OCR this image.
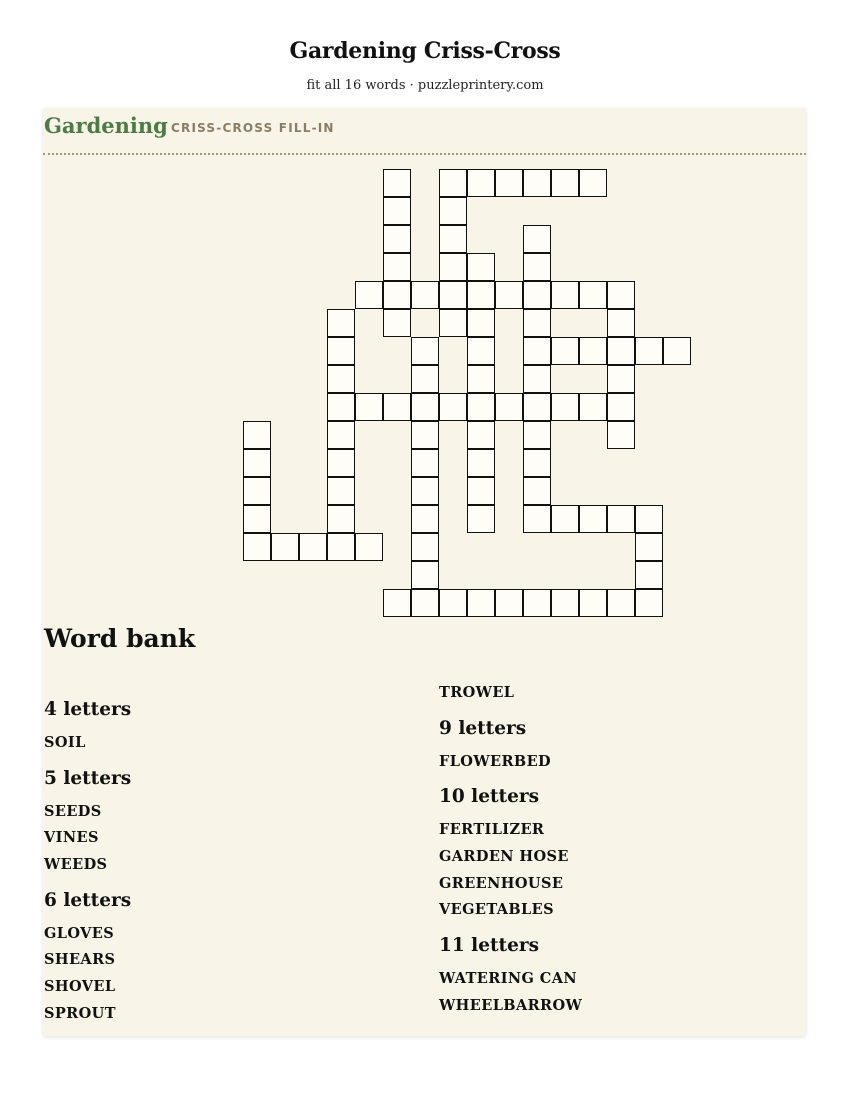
Gardening Criss-Cross
fit all 16 words · puzzleprintery.com
Gardening CRISS-CROSS FILL-IN
Word bank
4 letters
SOIL
5 letters
SEEDS
VINES
WEEDS
6 letters
GLOVES
SHEARS
SHOVEL
SPROUT
TROWEL
9 letters
FLOWERBED
10 letters
FERTILIZER
GARDEN HOSE
GREENHOUSE
VEGETABLES
11 letters
WATERING CAN
WHEELBARROW
